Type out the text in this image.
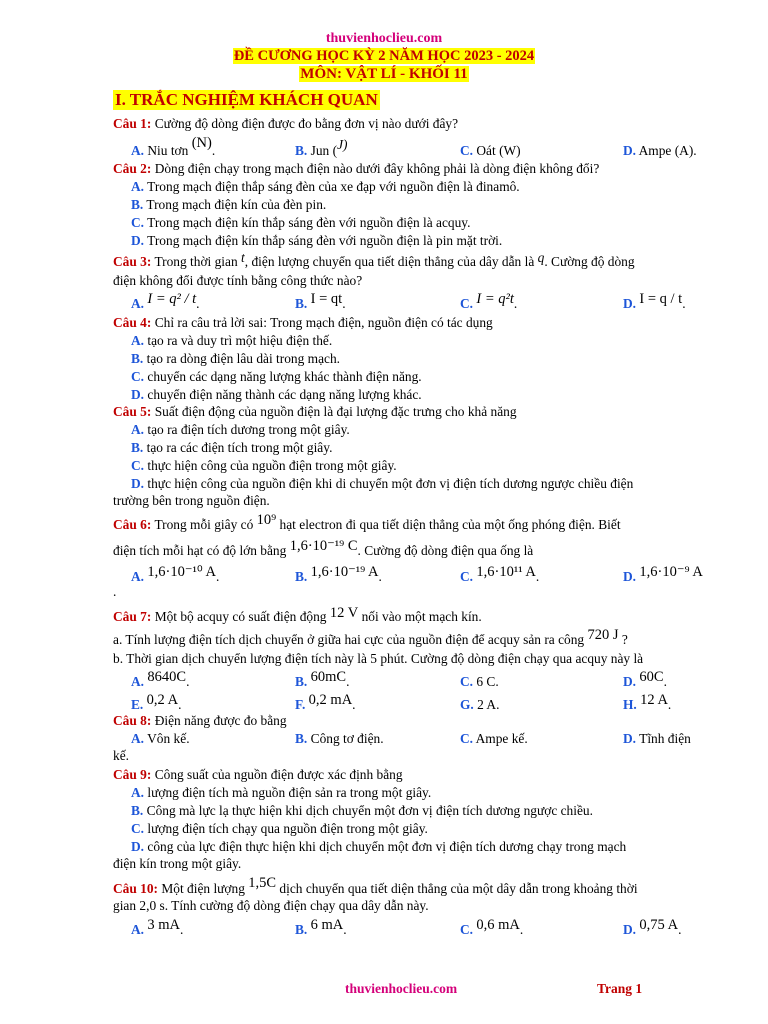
thuvienhoclieu.com
ĐỀ CƯƠNG HỌC KỲ 2 NĂM HỌC 2023 - 2024
MÔN: VẬT LÍ - KHỐI 11
I. TRẮC NGHIỆM KHÁCH QUAN
Câu 1: Cường độ dòng điện được đo bằng đơn vị nào dưới đây?
A. Niu tơn (N).	B. Jun (J)	C. Oát (W)	D. Ampe (A).
Câu 2: Dòng điện chạy trong mạch điện nào dưới đây không phải là dòng điện không đổi?
A. Trong mạch điện thắp sáng đèn của xe đạp với nguồn điện là đinamô.
B. Trong mạch điện kín của đèn pin.
C. Trong mạch điện kín thắp sáng đèn với nguồn điện là acquy.
D. Trong mạch điện kín thắp sáng đèn với nguồn điện là pin mặt trời.
Câu 3: Trong thời gian t, điện lượng chuyển qua tiết diện thẳng của dây dẫn là q. Cường độ dòng
điện không đổi được tính bằng công thức nào?
A. I = q² / t.	B. I = qt.	C. I = q²t.	D. I = q / t.
Câu 4: Chỉ ra câu trả lời sai: Trong mạch điện, nguồn điện có tác dụng
A. tạo ra và duy trì một hiệu điện thế.
B. tạo ra dòng điện lâu dài trong mạch.
C. chuyển các dạng năng lượng khác thành điện năng.
D. chuyển điện năng thành các dạng năng lượng khác.
Câu 5: Suất điện động của nguồn điện là đại lượng đặc trưng cho khả năng
A. tạo ra điện tích dương trong một giây.
B. tạo ra các điện tích trong một giây.
C. thực hiện công của nguồn điện trong một giây.
D. thực hiện công của nguồn điện khi di chuyển một đơn vị điện tích dương ngược chiều điện
trường bên trong nguồn điện.
Câu 6: Trong mỗi giây có 10⁹ hạt electron đi qua tiết diện thẳng của một ống phóng điện. Biết
điện tích mỗi hạt có độ lớn bằng 1,6·10⁻¹⁹ C. Cường độ dòng điện qua ống là
A. 1,6·10⁻¹⁰ A.	B. 1,6·10⁻¹⁹ A.	C. 1,6·10¹¹ A.	D. 1,6·10⁻⁹ A
.
Câu 7: Một bộ acquy có suất điện động 12 V nối vào một mạch kín.
a. Tính lượng điện tích dịch chuyển ở giữa hai cực của nguồn điện để acquy sản ra công 720 J ?
b. Thời gian dịch chuyển lượng điện tích này là 5 phút. Cường độ dòng điện chạy qua acquy này là
A. 8640C.	B. 60mC.	C. 6 C.	D. 60C.
E. 0,2 A.	F. 0,2 mA.	G. 2 A.	H. 12 A.
Câu 8: Điện năng được đo bằng
A. Vôn kế.	B. Công tơ điện.	C. Ampe kế.	D. Tĩnh điện
kế.
Câu 9: Công suất của nguồn điện được xác định bằng
A. lượng điện tích mà nguồn điện sản ra trong một giây.
B. Công mà lực lạ thực hiện khi dịch chuyển một đơn vị điện tích dương ngược chiều.
C. lượng điện tích chạy qua nguồn điện trong một giây.
D. công của lực điện thực hiện khi dịch chuyển một đơn vị điện tích dương chạy trong mạch
điện kín trong một giây.
Câu 10: Một điện lượng 1,5C dịch chuyển qua tiết diện thẳng của một dây dẫn trong khoảng thời
gian 2,0 s. Tính cường độ dòng điện chạy qua dây dẫn này.
A. 3 mA.	B. 6 mA.	C. 0,6 mA.	D. 0,75 A.
thuvienhoclieu.com	Trang 1
